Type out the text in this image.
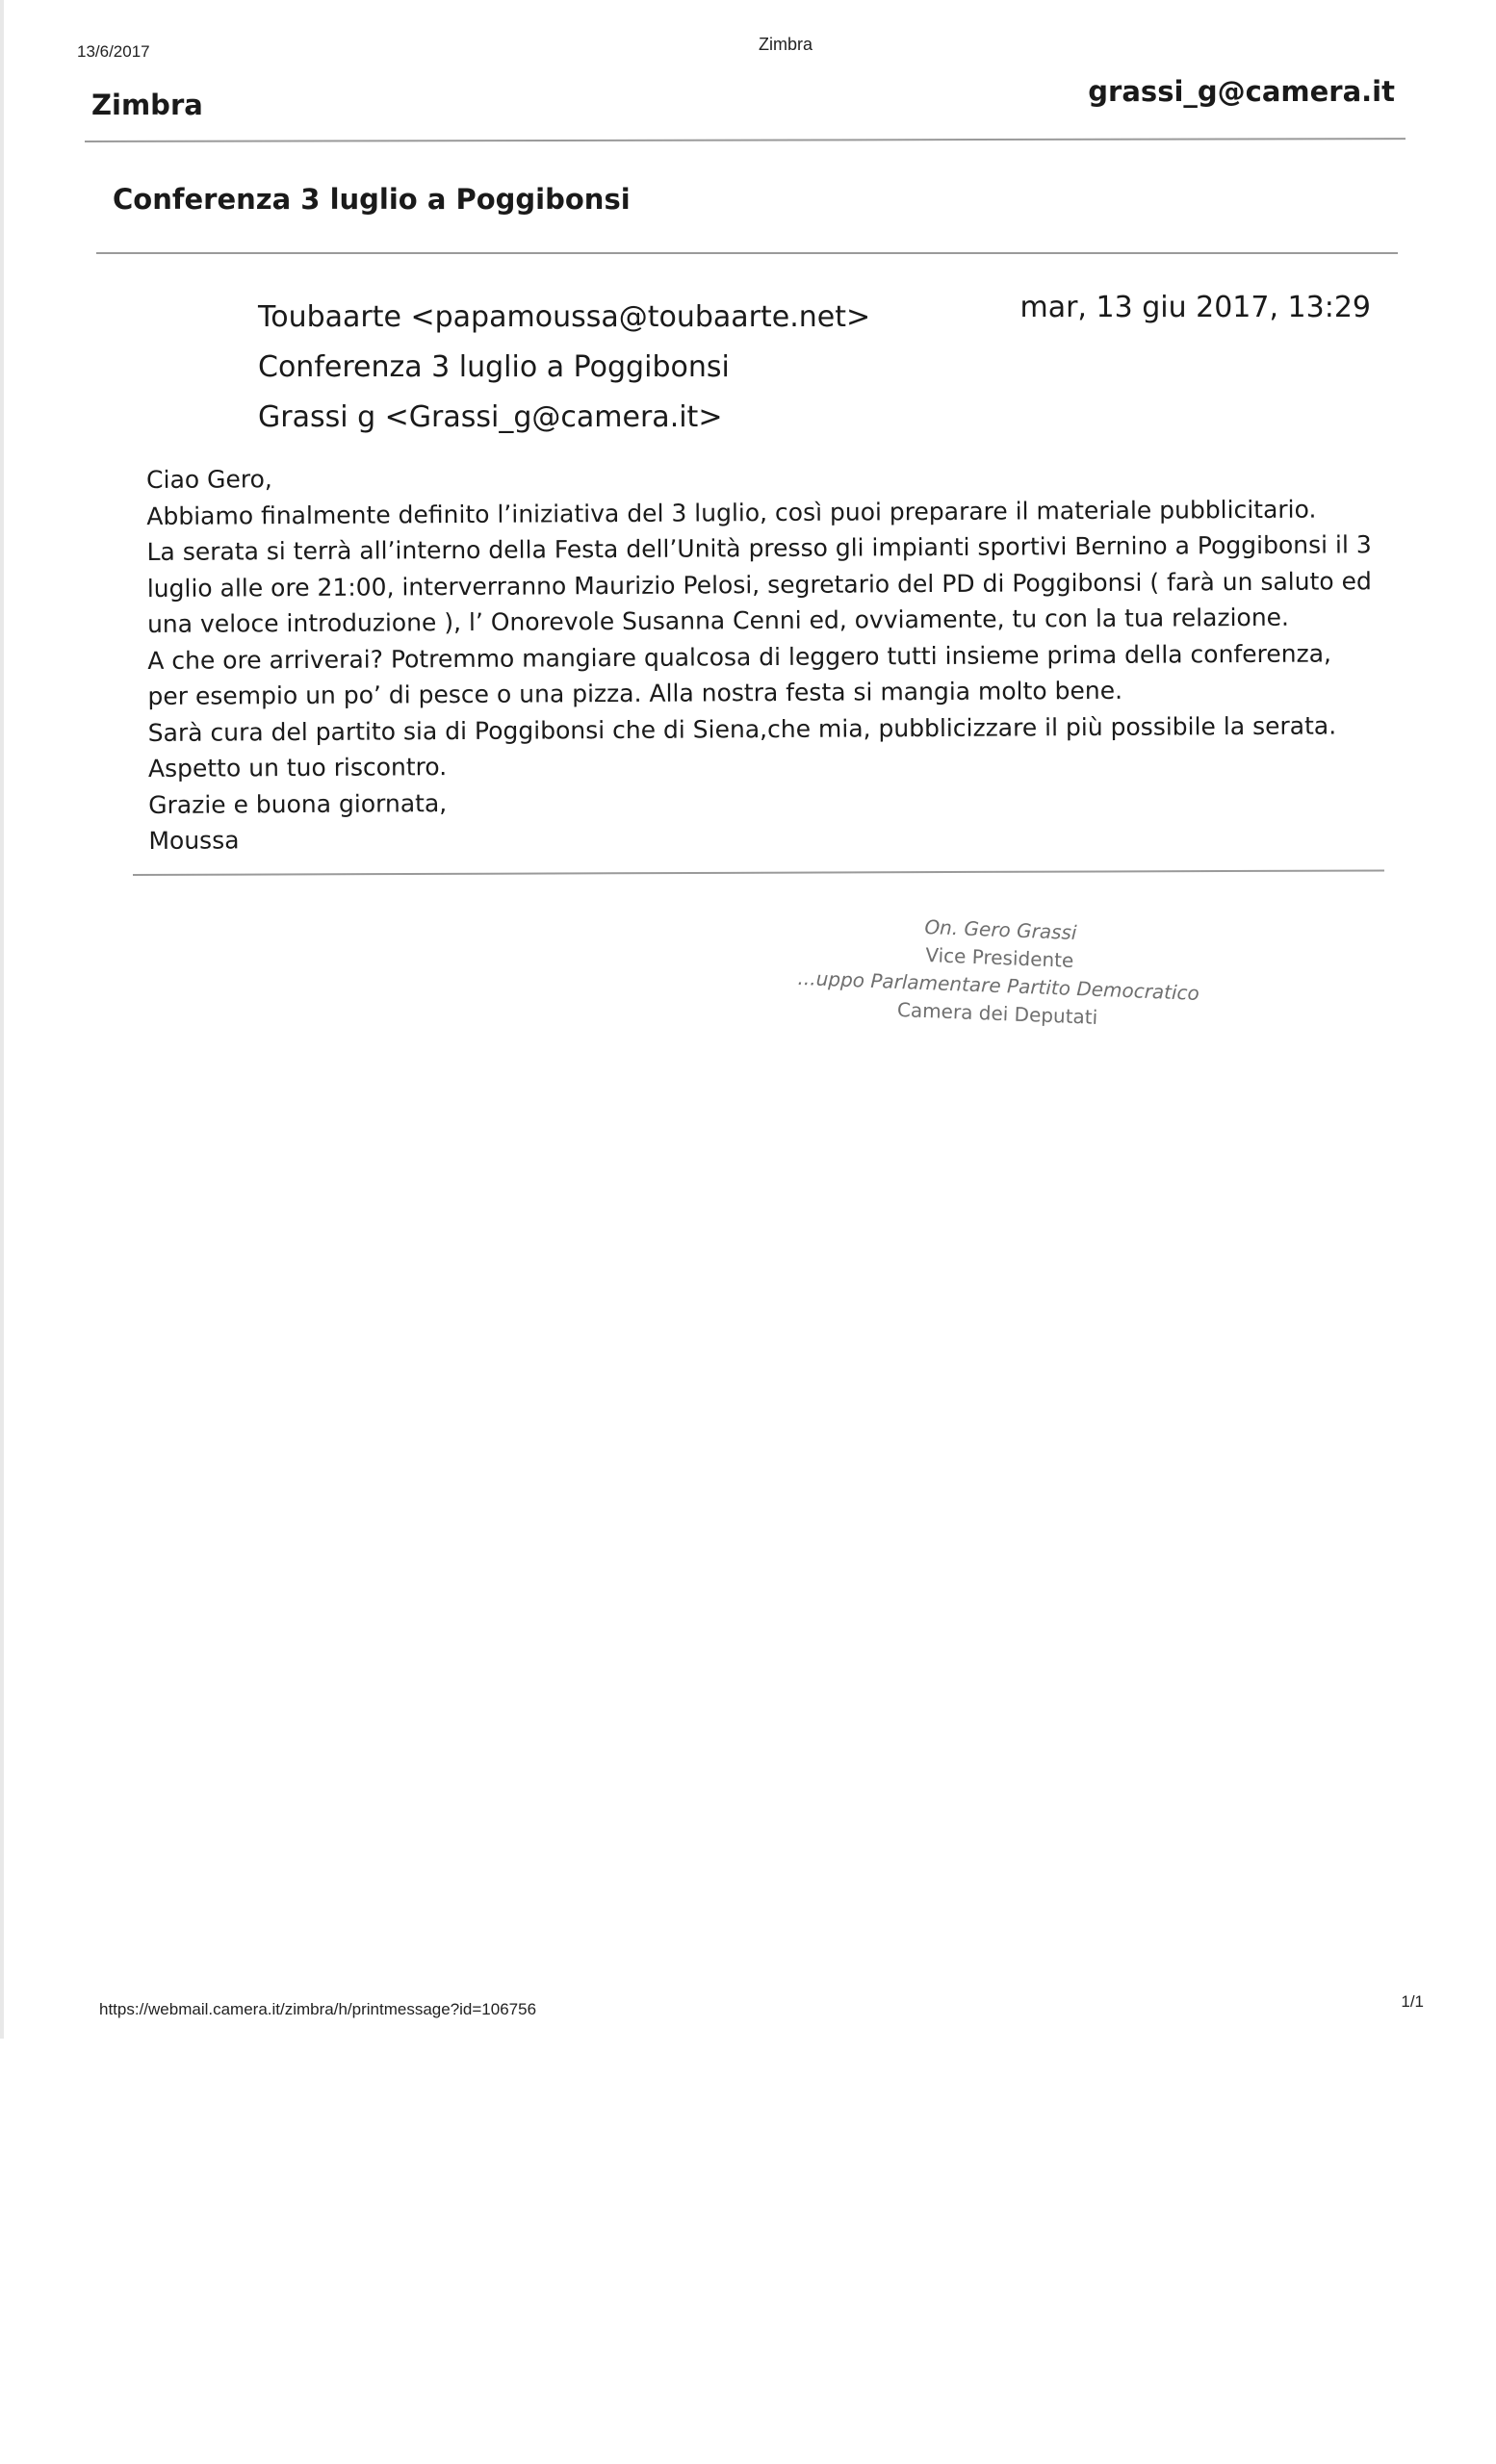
13/6/2017	Zimbra
Zimbra	grassi_g@camera.it
Conferenza 3 luglio a Poggibonsi
mar, 13 giu 2017, 13:29
Toubaarte <papamoussa@toubaarte.net>
Conferenza 3 luglio a Poggibonsi
Grassi g <Grassi_g@camera.it>
Ciao Gero,
Abbiamo finalmente definito l’iniziativa del 3 luglio, così puoi preparare il materiale pubblicitario.
La serata si terrà all’interno della Festa dell’Unità presso gli impianti sportivi Bernino a Poggibonsi il 3
luglio alle ore 21:00, interverranno Maurizio Pelosi, segretario del PD di Poggibonsi ( farà un saluto ed
una veloce introduzione ), l’ Onorevole Susanna Cenni ed, ovviamente, tu con la tua relazione.
A che ore arriverai? Potremmo mangiare qualcosa di leggero tutti insieme prima della conferenza,
per esempio un po’ di pesce o una pizza. Alla nostra festa si mangia molto bene.
Sarà cura del partito sia di Poggibonsi che di Siena,che mia, pubblicizzare il più possibile la serata.
Aspetto un tuo riscontro.
Grazie e buona giornata,
Moussa
On. Gero Grassi
Vice Presidente
...uppo Parlamentare Partito Democratico
Camera dei Deputati
https://webmail.camera.it/zimbra/h/printmessage?id=106756	1/1
